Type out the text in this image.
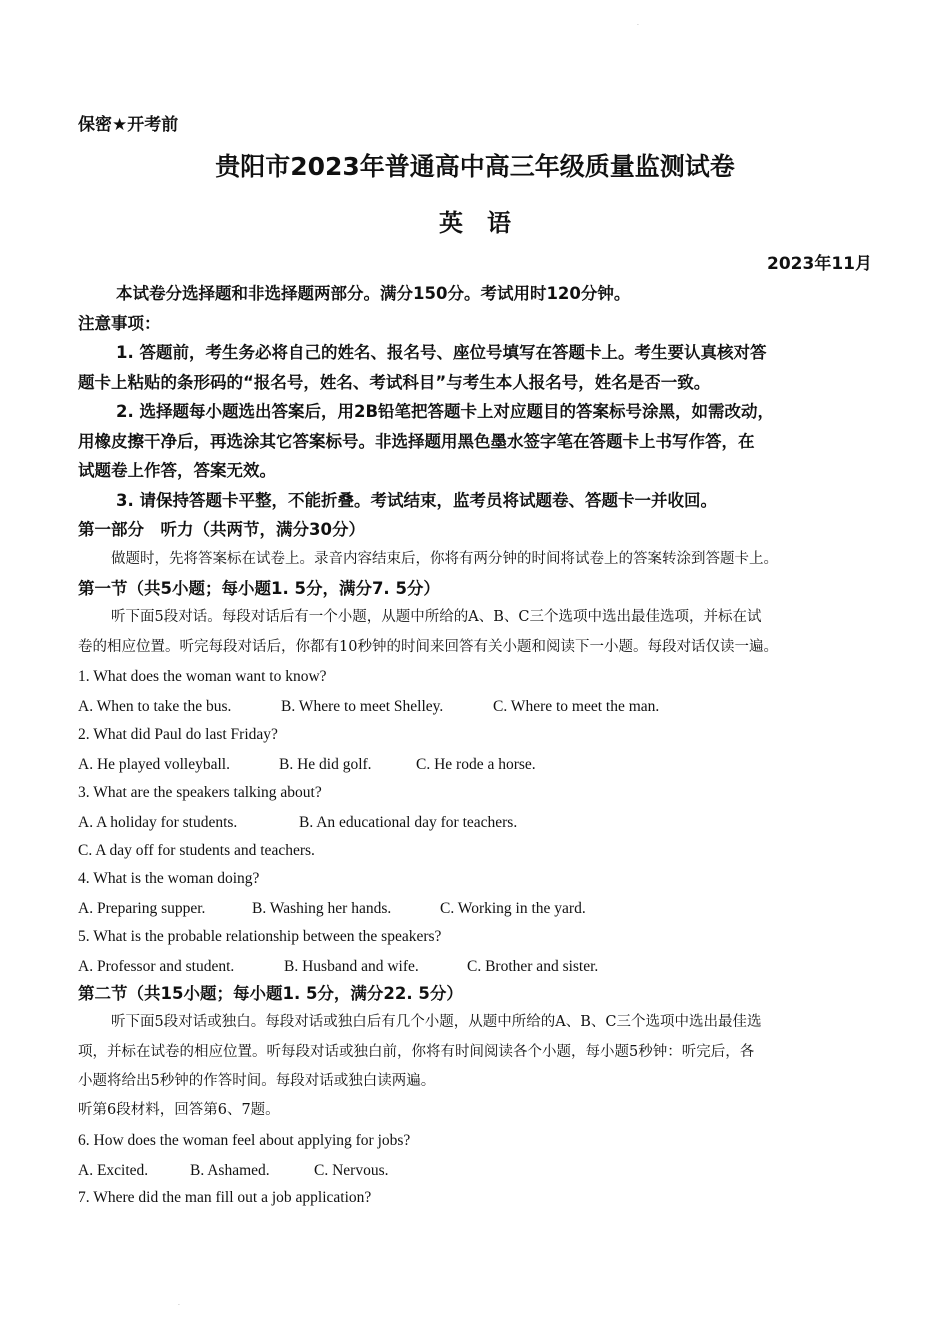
·
保密★开考前
贵阳市2023年普通高中高三年级质量监测试卷
英　语
2023年11月
本试卷分选择题和非选择题两部分。满分150分。考试用时120分钟。
注意事项：
1. 答题前，考生务必将自己的姓名、报名号、座位号填写在答题卡上。考生要认真核对答
题卡上粘贴的条形码的“报名号，姓名、考试科目”与考生本人报名号，姓名是否一致。
2. 选择题每小题选出答案后，用2B铅笔把答题卡上对应题目的答案标号涂黑，如需改动，
用橡皮擦干净后，再选涂其它答案标号。非选择题用黑色墨水签字笔在答题卡上书写作答，在
试题卷上作答，答案无效。
3. 请保持答题卡平整，不能折叠。考试结束，监考员将试题卷、答题卡一并收回。
第一部分　听力（共两节，满分30分）
做题时，先将答案标在试卷上。录音内容结束后，你将有两分钟的时间将试卷上的答案转涂到答题卡上。
第一节（共5小题；每小题1. 5分，满分7. 5分）
听下面5段对话。每段对话后有一个小题，从题中所给的A、B、C三个选项中选出最佳选项，并标在试
卷的相应位置。听完每段对话后，你都有10秒钟的时间来回答有关小题和阅读下一小题。每段对话仅读一遍。
1. What does the woman want to know?
A. When to take the bus.	B. Where to meet Shelley.	C. Where to meet the man.
2. What did Paul do last Friday?
A. He played volleyball.	B. He did golf.	C. He rode a horse.
3. What are the speakers talking about?
A. A holiday for students.	B. An educational day for teachers.
C. A day off for students and teachers.
4. What is the woman doing?
A. Preparing supper.	B. Washing her hands.	C. Working in the yard.
5. What is the probable relationship between the speakers?
A. Professor and student.	B. Husband and wife.	C. Brother and sister.
第二节（共15小题；每小题1. 5分，满分22. 5分）
听下面5段对话或独白。每段对话或独白后有几个小题，从题中所给的A、B、C三个选项中选出最佳选
项，并标在试卷的相应位置。听每段对话或独白前，你将有时间阅读各个小题，每小题5秒钟：听完后，各
小题将给出5秒钟的作答时间。每段对话或独白读两遍。
听第6段材料，回答第6、7题。
6. How does the woman feel about applying for jobs?
A. Excited.	B. Ashamed.	C. Nervous.
7. Where did the man fill out a job application?
·
